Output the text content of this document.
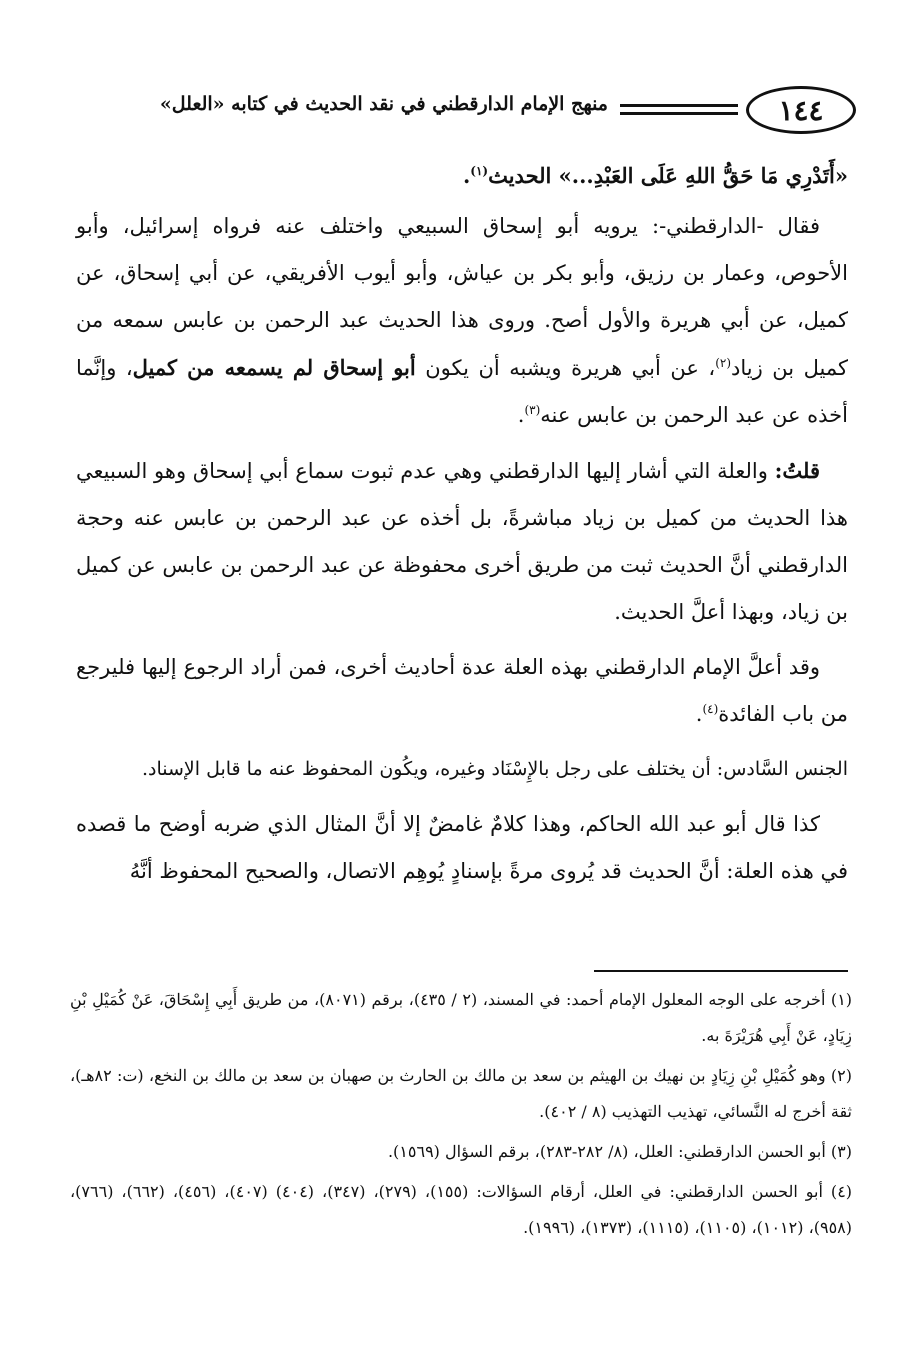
١٤٤
منهج الإمام الدارقطني في نقد الحديث في كتابه «العلل»

«أَتَدْرِي مَا حَقُّ اللهِ عَلَى العَبْدِ...» الحديث$^{(١)}$.

فقال -الدارقطني-: يرويه أبو إسحاق السبيعي واختلف عنه فرواه إسرائيل، وأبو الأحوص، وعمار بن رزيق، وأبو بكر بن عياش، وأبو أيوب الأفريقي، عن أبي إسحاق، عن كميل، عن أبي هريرة والأول أصح. وروى هذا الحديث عبد الرحمن بن عابس سمعه من كميل بن زياد$^{(٢)}$، عن أبي هريرة ويشبه أن يكون أبو إسحاق لم يسمعه من كميل، وإنَّما أخذه عن عبد الرحمن بن عابس عنه$^{(٣)}$.

قلتُ: والعلة التي أشار إليها الدارقطني وهي عدم ثبوت سماع أبي إسحاق وهو السبيعي هذا الحديث من كميل بن زياد مباشرةً، بل أخذه عن عبد الرحمن بن عابس عنه وحجة الدارقطني أنَّ الحديث ثبت من طريق أخرى محفوظة عن عبد الرحمن بن عابس عن كميل بن زياد، وبهذا أعلَّ الحديث.

وقد أعلَّ الإمام الدارقطني بهذه العلة عدة أحاديث أخرى، فمن أراد الرجوع إليها فليرجع من باب الفائدة$^{(٤)}$.

الجنس السَّادس: أن يختلف على رجل بالإِسْنَاد وغيره، ويكُون المحفوظ عنه ما قابل الإسناد.

كذا قال أبو عبد الله الحاكم، وهذا كلامٌ غامضٌ إلا أنَّ المثال الذي ضربه أوضح ما قصده في هذه العلة: أنَّ الحديث قد يُروى مرةً بإسنادٍ يُوهِم الاتصال، والصحيح المحفوظ أنَّهُ

(١) أخرجه على الوجه المعلول الإمام أحمد: في المسند، (٢ / ٤٣٥)، برقم (٨٠٧١)، من طريق أَبِي إِسْحَاقَ، عَنْ كُمَيْلِ بْنِ زِيَادٍ، عَنْ أَبِي هُرَيْرَةَ به.

(٢) وهو كُمَيْلِ بْنِ زِيَادٍ بن نهيك بن الهيثم بن سعد بن مالك بن الحارث بن صهبان بن سعد بن مالك بن النخع، (ت: ٨٢هـ)، ثقة أخرج له النَّسائي، تهذيب التهذيب (٨ / ٤٠٢).

(٣) أبو الحسن الدارقطني: العلل، (٨/ ٢٨٢-٢٨٣)، برقم السؤال (١٥٦٩).

(٤) أبو الحسن الدارقطني: في العلل، أرقام السؤالات: (١٥٥)، (٢٧٩)، (٣٤٧)، (٤٠٤) (٤٠٧)، (٤٥٦)، (٦٦٢)، (٧٦٦)، (٩٥٨)، (١٠١٢)، (١١٠٥)، (١١١٥)، (١٣٧٣)، (١٩٩٦).
